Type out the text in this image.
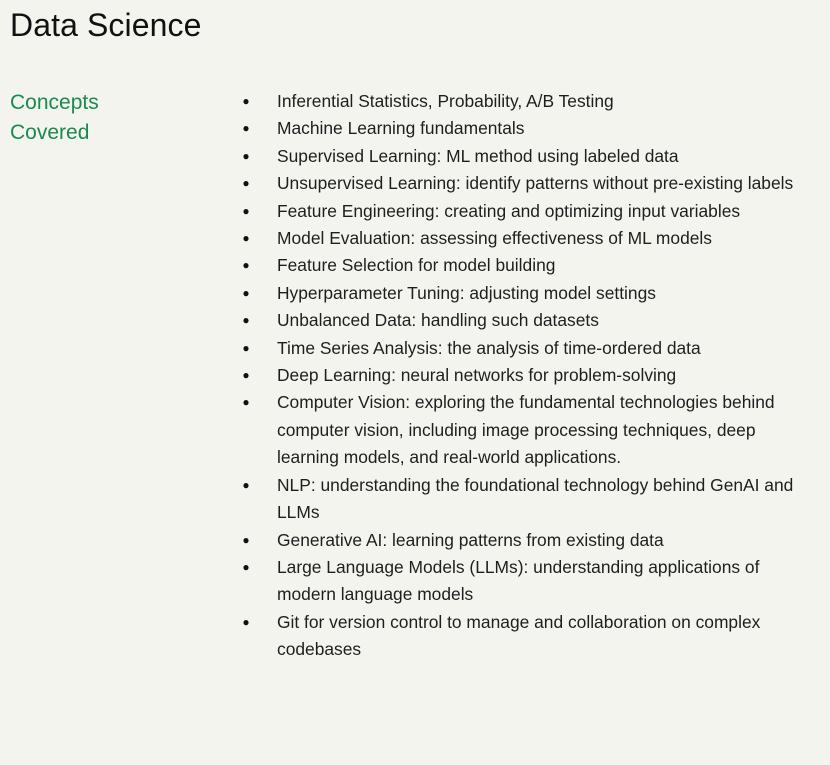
Data Science
Concepts
Covered
● Inferential Statistics, Probability, A/B Testing
● Machine Learning fundamentals
● Supervised Learning: ML method using labeled data
● Unsupervised Learning: identify patterns without pre-existing labels
● Feature Engineering: creating and optimizing input variables
● Model Evaluation: assessing effectiveness of ML models
● Feature Selection for model building
● Hyperparameter Tuning: adjusting model settings
● Unbalanced Data: handling such datasets
● Time Series Analysis: the analysis of time-ordered data
● Deep Learning: neural networks for problem-solving
● Computer Vision: exploring the fundamental technologies behind computer vision, including image processing techniques, deep learning models, and real-world applications.
● NLP: understanding the foundational technology behind GenAI and LLMs
● Generative AI: learning patterns from existing data
● Large Language Models (LLMs): understanding applications of modern language models
● Git for version control to manage and collaboration on complex codebases
